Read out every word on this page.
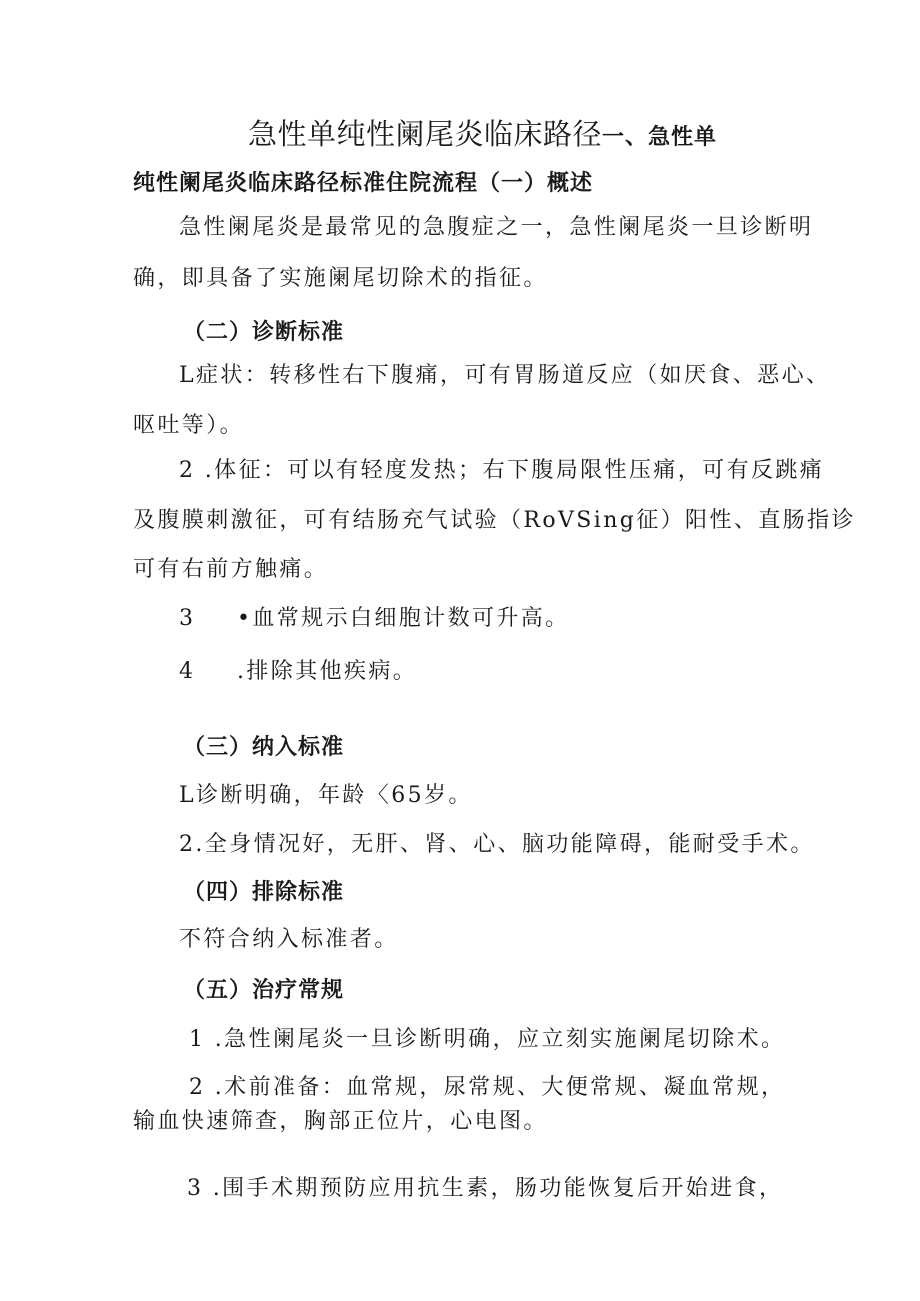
急性单纯性阑尾炎临床路径一、急性单
纯性阑尾炎临床路径标准住院流程（一）概述
急性阑尾炎是最常见的急腹症之一，急性阑尾炎一旦诊断明
确，即具备了实施阑尾切除术的指征。
（二）诊断标准
L症状：转移性右下腹痛，可有胃肠道反应（如厌食、恶心、
呕吐等）。
2 .体征：可以有轻度发热；右下腹局限性压痛，可有反跳痛
及腹膜刺激征，可有结肠充气试验（RoVSing征）阳性、直肠指诊
可有右前方触痛。
3 •血常规示白细胞计数可升高。
4 .排除其他疾病。
（三）纳入标准
L诊断明确，年龄〈65岁。
2.全身情况好，无肝、肾、心、脑功能障碍，能耐受手术。
（四）排除标准
不符合纳入标准者。
（五）治疗常规
1 .急性阑尾炎一旦诊断明确，应立刻实施阑尾切除术。
2 .术前准备：血常规，尿常规、大便常规、凝血常规，
输血快速筛查，胸部正位片，心电图。
3 .围手术期预防应用抗生素，肠功能恢复后开始进食，
